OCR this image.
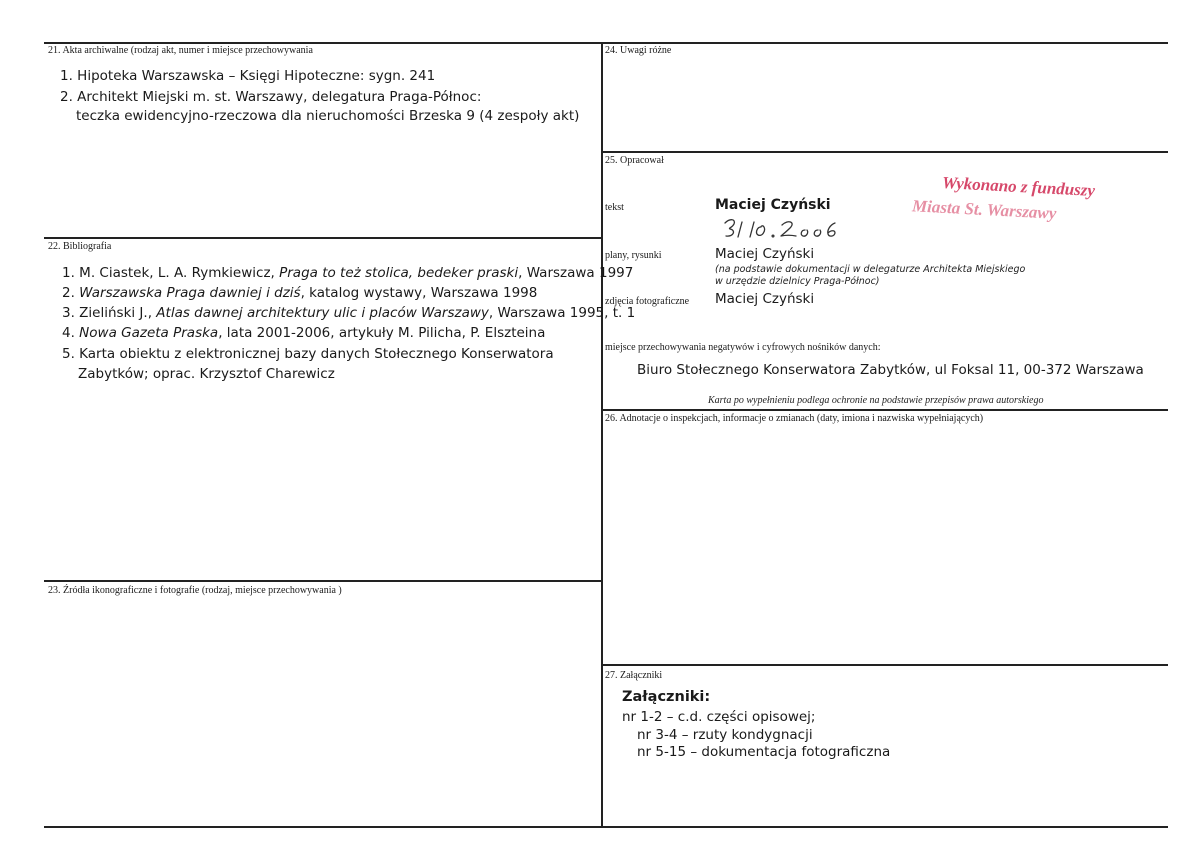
21. Akta archiwalne (rodzaj akt, numer i miejsce przechowywania
1. Hipoteka Warszawska – Księgi Hipoteczne: sygn. 241
2. Architekt Miejski m. st. Warszawy, delegatura Praga-Północ:
teczka ewidencyjno-rzeczowa dla nieruchomości Brzeska 9 (4 zespoły akt)
22. Bibliografia
1. M. Ciastek, L. A. Rymkiewicz, Praga to też stolica, bedeker praski, Warszawa 1997
2. Warszawska Praga dawniej i dziś, katalog wystawy, Warszawa 1998
3. Zieliński J., Atlas dawnej architektury ulic i placów Warszawy, Warszawa 1995, t. 1
4. Nowa Gazeta Praska, lata 2001-2006, artykuły M. Pilicha, P. Elszteina
5. Karta obiektu z elektronicznej bazy danych Stołecznego Konserwatora
Zabytków; oprac. Krzysztof Charewicz
23. Źródła ikonograficzne i fotografie (rodzaj, miejsce przechowywania )
24. Uwagi różne
25. Opracował
tekst	Maciej Czyński
plany, rysunki	Maciej Czyński
(na podstawie dokumentacji w delegaturze Architekta Miejskiego
w urzędzie dzielnicy Praga-Północ)
zdjęcia fotograficzne Maciej Czyński
miejsce przechowywania negatywów i cyfrowych nośników danych:
Biuro Stołecznego Konserwatora Zabytków, ul Foksal 11, 00-372 Warszawa
Karta po wypełnieniu podlega ochronie na podstawie przepisów prawa autorskiego
Wykonano z funduszy
Miasta St. Warszawy
26. Adnotacje o inspekcjach, informacje o zmianach (daty, imiona i nazwiska wypełniających)
27. Załączniki
Załączniki:
nr 1-2 – c.d. części opisowej;
nr 3-4 – rzuty kondygnacji
nr 5-15 – dokumentacja fotograficzna
